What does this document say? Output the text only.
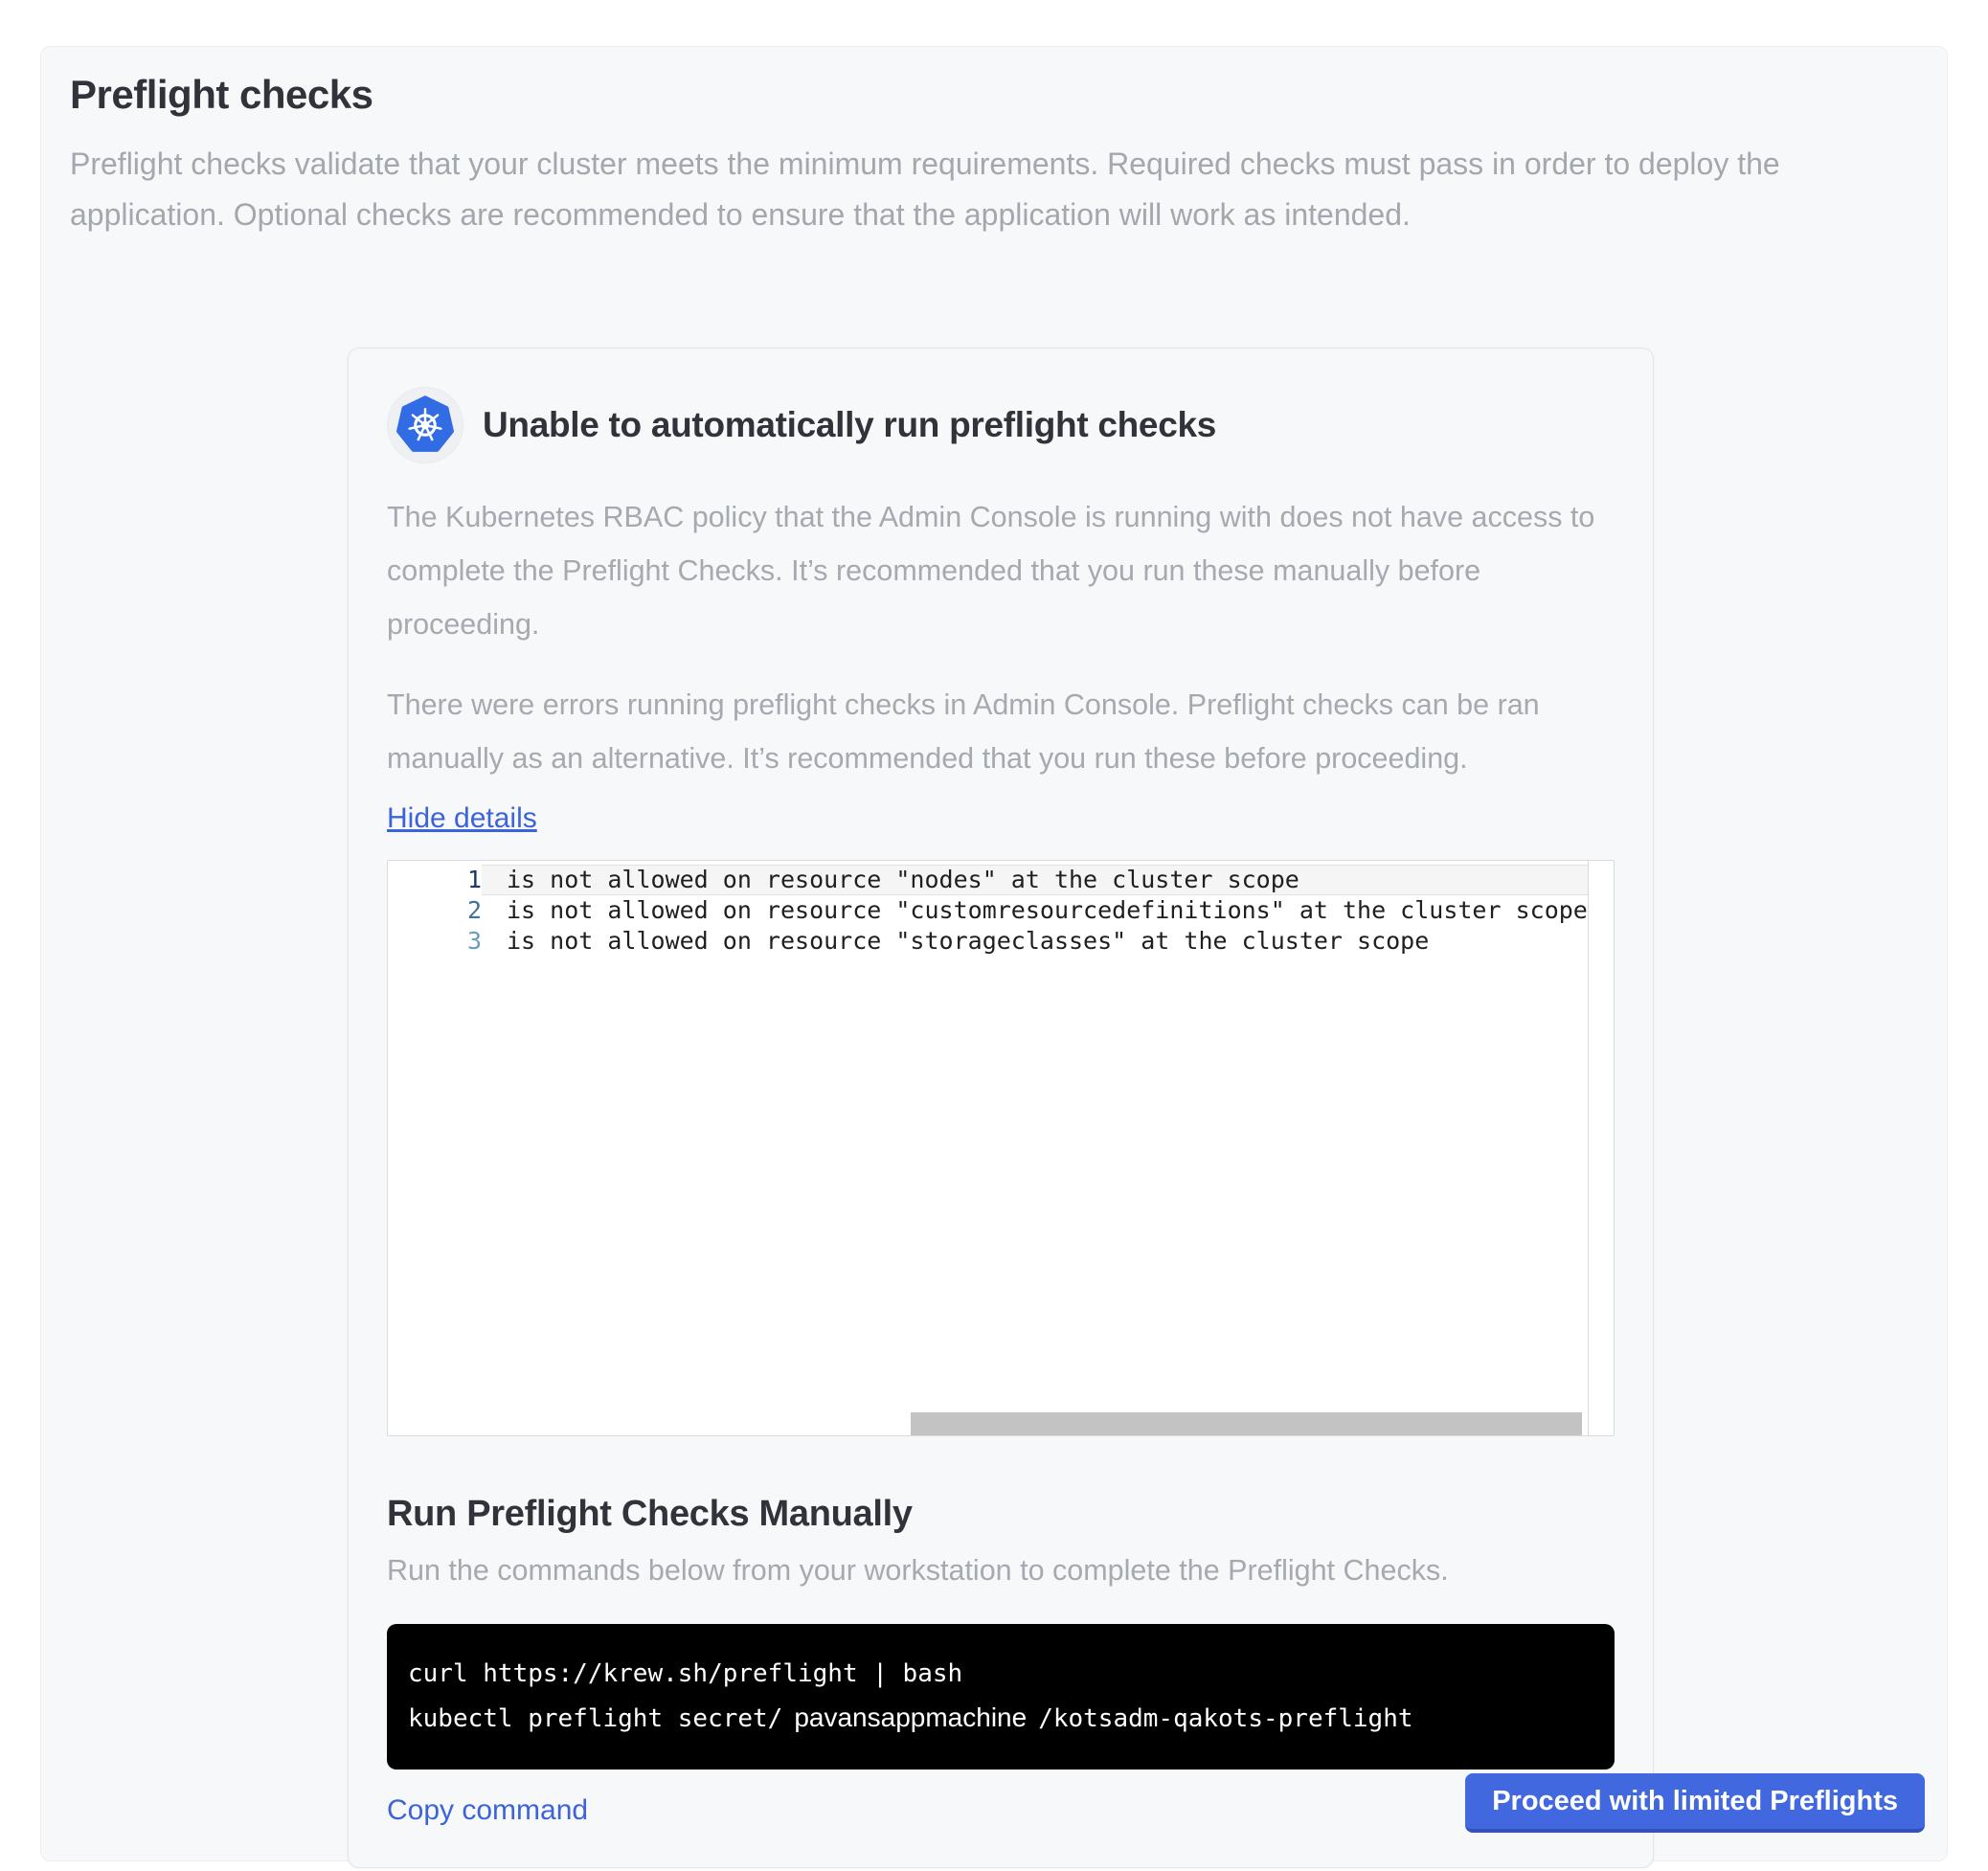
Preflight checks

Preflight checks validate that your cluster meets the minimum requirements. Required checks must pass in order to deploy the application. Optional checks are recommended to ensure that the application will work as intended.

Unable to automatically run preflight checks

The Kubernetes RBAC policy that the Admin Console is running with does not have access to complete the Preflight Checks. It’s recommended that you run these manually before proceeding.

There were errors running preflight checks in Admin Console. Preflight checks can be ran manually as an alternative. It’s recommended that you run these before proceeding.

Hide details
1	is not allowed on resource "nodes" at the cluster scope
2	is not allowed on resource "customresourcedefinitions" at the cluster scope
3	is not allowed on resource "storageclasses" at the cluster scope
Run Preflight Checks Manually

Run the commands below from your workstation to complete the Preflight Checks.

curl https://krew.sh/preflight | bash
kubectl preflight secret/ pavansappmachine /kotsadm-qakots-preflight
Copy command	Proceed with limited Preflights
